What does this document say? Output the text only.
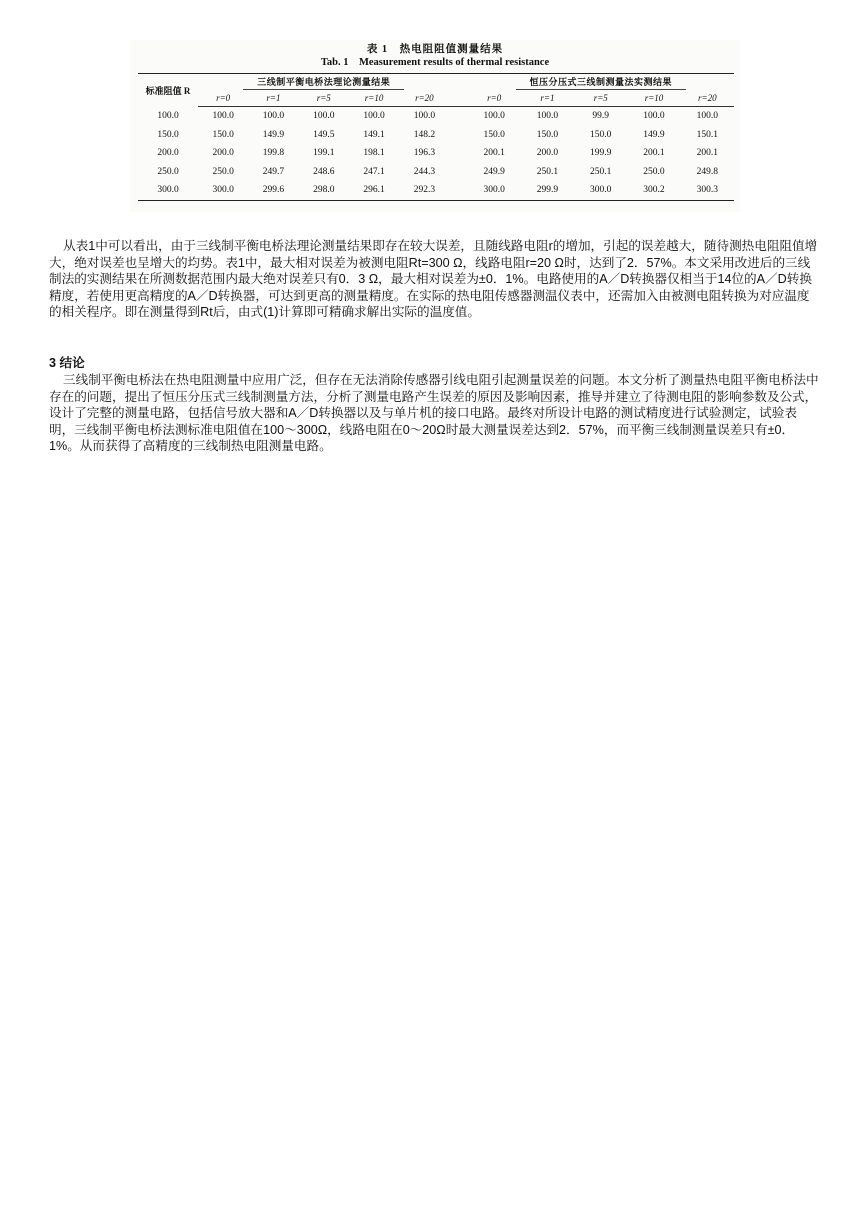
表 1　热电阻阻值测量结果
Tab. 1　Measurement results of thermal resistance
标准阻值 R	三线制平衡电桥法理论测量结果						恒压分压式三线制测量法实测结果				
	r=0	r=1	r=5	r=10	r=20		r=0	r=1	r=5	r=10	r=20
100.0	100.0	100.0	100.0	100.0	100.0		100.0	100.0	99.9	100.0	100.0
150.0	150.0	149.9	149.5	149.1	148.2		150.0	150.0	150.0	149.9	150.1
200.0	200.0	199.8	199.1	198.1	196.3		200.1	200.0	199.9	200.1	200.1
250.0	250.0	249.7	248.6	247.1	244.3		249.9	250.1	250.1	250.0	249.8
300.0	300.0	299.6	298.0	296.1	292.3		300.0	299.9	300.0	300.2	300.3
从表1中可以看出，由于三线制平衡电桥法理论测量结果即存在较大误差，且随线路电阻r的增加，引起的误差越大，随待测热电阻阻值增大，绝对误差也呈增大的均势。表1中，最大相对误差为被测电阻Rt=300 Ω，线路电阻r=20 Ω时，达到了2．57%。本文采用改进后的三线制法的实测结果在所测数据范围内最大绝对误差只有0．3 Ω，最大相对误差为±0．1%。电路使用的A／D转换器仅相当于14位的A／D转换精度，若使用更高精度的A／D转换器，可达到更高的测量精度。在实际的热电阻传感器测温仪表中，还需加入由被测电阻转换为对应温度的相关程序。即在测量得到Rt后，由式(1)计算即可精确求解出实际的温度值。
3 结论
三线制平衡电桥法在热电阻测量中应用广泛，但存在无法消除传感器引线电阻引起测量误差的问题。本文分析了测量热电阻平衡电桥法中存在的问题，提出了恒压分压式三线制测量方法，分析了测量电路产生误差的原因及影响因素，推导并建立了待测电阻的影响参数及公式，设计了完整的测量电路，包括信号放大器和A／D转换器以及与单片机的接口电路。最终对所设计电路的测试精度进行试验测定，试验表
明，三线制平衡电桥法测标准电阻值在100～300Ω，线路电阻在0～20Ω时最大测量误差达到2．57%，而平衡三线制测量误差只有±0．1%。从而获得了高精度的三线制热电阻测量电路。
